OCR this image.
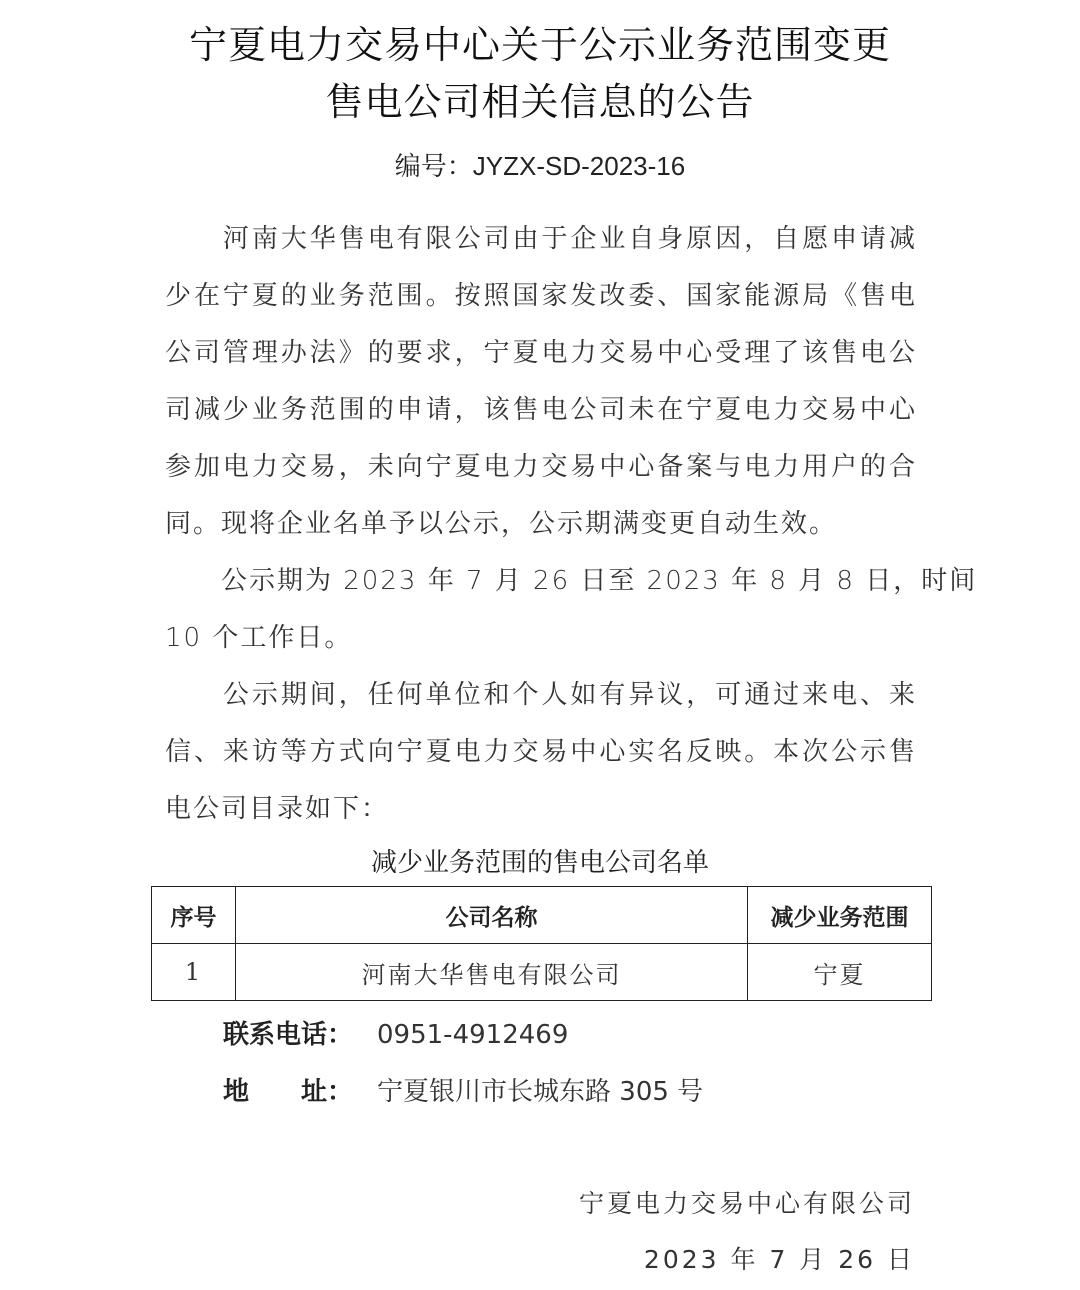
宁夏电力交易中心关于公示业务范围变更
售电公司相关信息的公告
编号：JYZX-SD-2023-16
　　河南大华售电有限公司由于企业自身原因，自愿申请减
少在宁夏的业务范围。按照国家发改委、国家能源局《售电
公司管理办法》的要求，宁夏电力交易中心受理了该售电公
司减少业务范围的申请，该售电公司未在宁夏电力交易中心
参加电力交易，未向宁夏电力交易中心备案与电力用户的合
同。现将企业名单予以公示，公示期满变更自动生效。
　　公示期为 2023 年 7 月 26 日至 2023 年 8 月 8 日，时间
10 个工作日。
　　公示期间，任何单位和个人如有异议，可通过来电、来
信、来访等方式向宁夏电力交易中心实名反映。本次公示售
电公司目录如下：
减少业务范围的售电公司名单
序号	公司名称	减少业务范围
1	河南大华售电有限公司	宁夏
联系电话： 0951-4912469
地　　址： 宁夏银川市长城东路 305 号
宁夏电力交易中心有限公司
2023 年 7 月 26 日
